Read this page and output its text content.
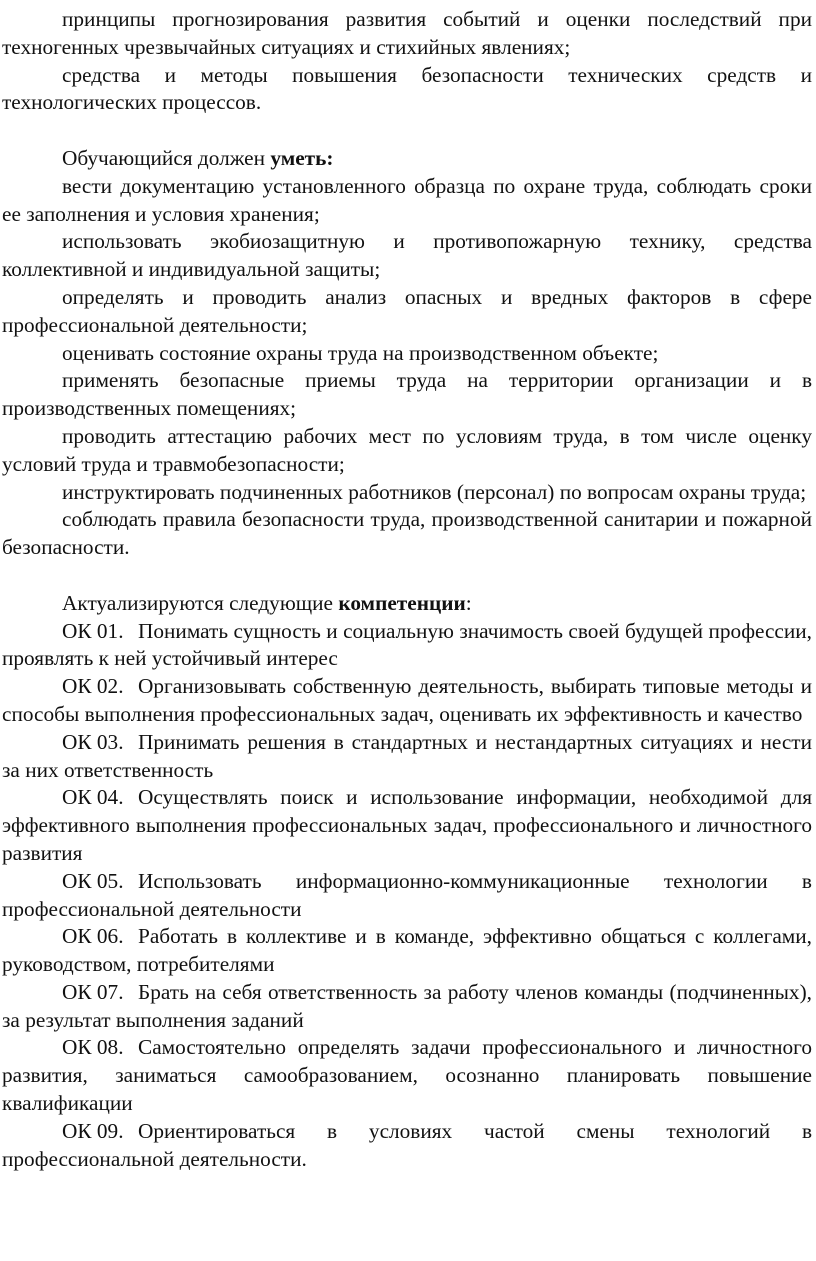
принципы прогнозирования развития событий и оценки последствий при техногенных чрезвычайных ситуациях и стихийных явлениях;

средства и методы повышения безопасности технических средств и технологических процессов.

Обучающийся должен уметь:

вести документацию установленного образца по охране труда, соблюдать сроки ее заполнения и условия хранения;

использовать экобиозащитную и противопожарную технику, средства коллективной и индивидуальной защиты;

определять и проводить анализ опасных и вредных факторов в сфере профессиональной деятельности;

оценивать состояние охраны труда на производственном объекте;

применять безопасные приемы труда на территории организации и в производственных помещениях;

проводить аттестацию рабочих мест по условиям труда, в том числе оценку условий труда и травмобезопасности;

инструктировать подчиненных работников (персонал) по вопросам охраны труда;

соблюдать правила безопасности труда, производственной санитарии и пожарной безопасности.

Актуализируются следующие компетенции:

ОК 01. Понимать сущность и социальную значимость своей будущей профессии, проявлять к ней устойчивый интерес

ОК 02. Организовывать собственную деятельность, выбирать типовые методы и способы выполнения профессиональных задач, оценивать их эффективность и качество

ОК 03. Принимать решения в стандартных и нестандартных ситуациях и нести за них ответственность

ОК 04. Осуществлять поиск и использование информации, необходимой для эффективного выполнения профессиональных задач, профессионального и личностного развития

ОК 05. Использовать информационно-коммуникационные технологии в профессиональной деятельности

ОК 06. Работать в коллективе и в команде, эффективно общаться с коллегами, руководством, потребителями

ОК 07. Брать на себя ответственность за работу членов команды (подчиненных), за результат выполнения заданий

ОК 08. Самостоятельно определять задачи профессионального и личностного развития, заниматься самообразованием, осознанно планировать повышение квалификации

ОК 09. Ориентироваться в условиях частой смены технологий в профессиональной деятельности.
